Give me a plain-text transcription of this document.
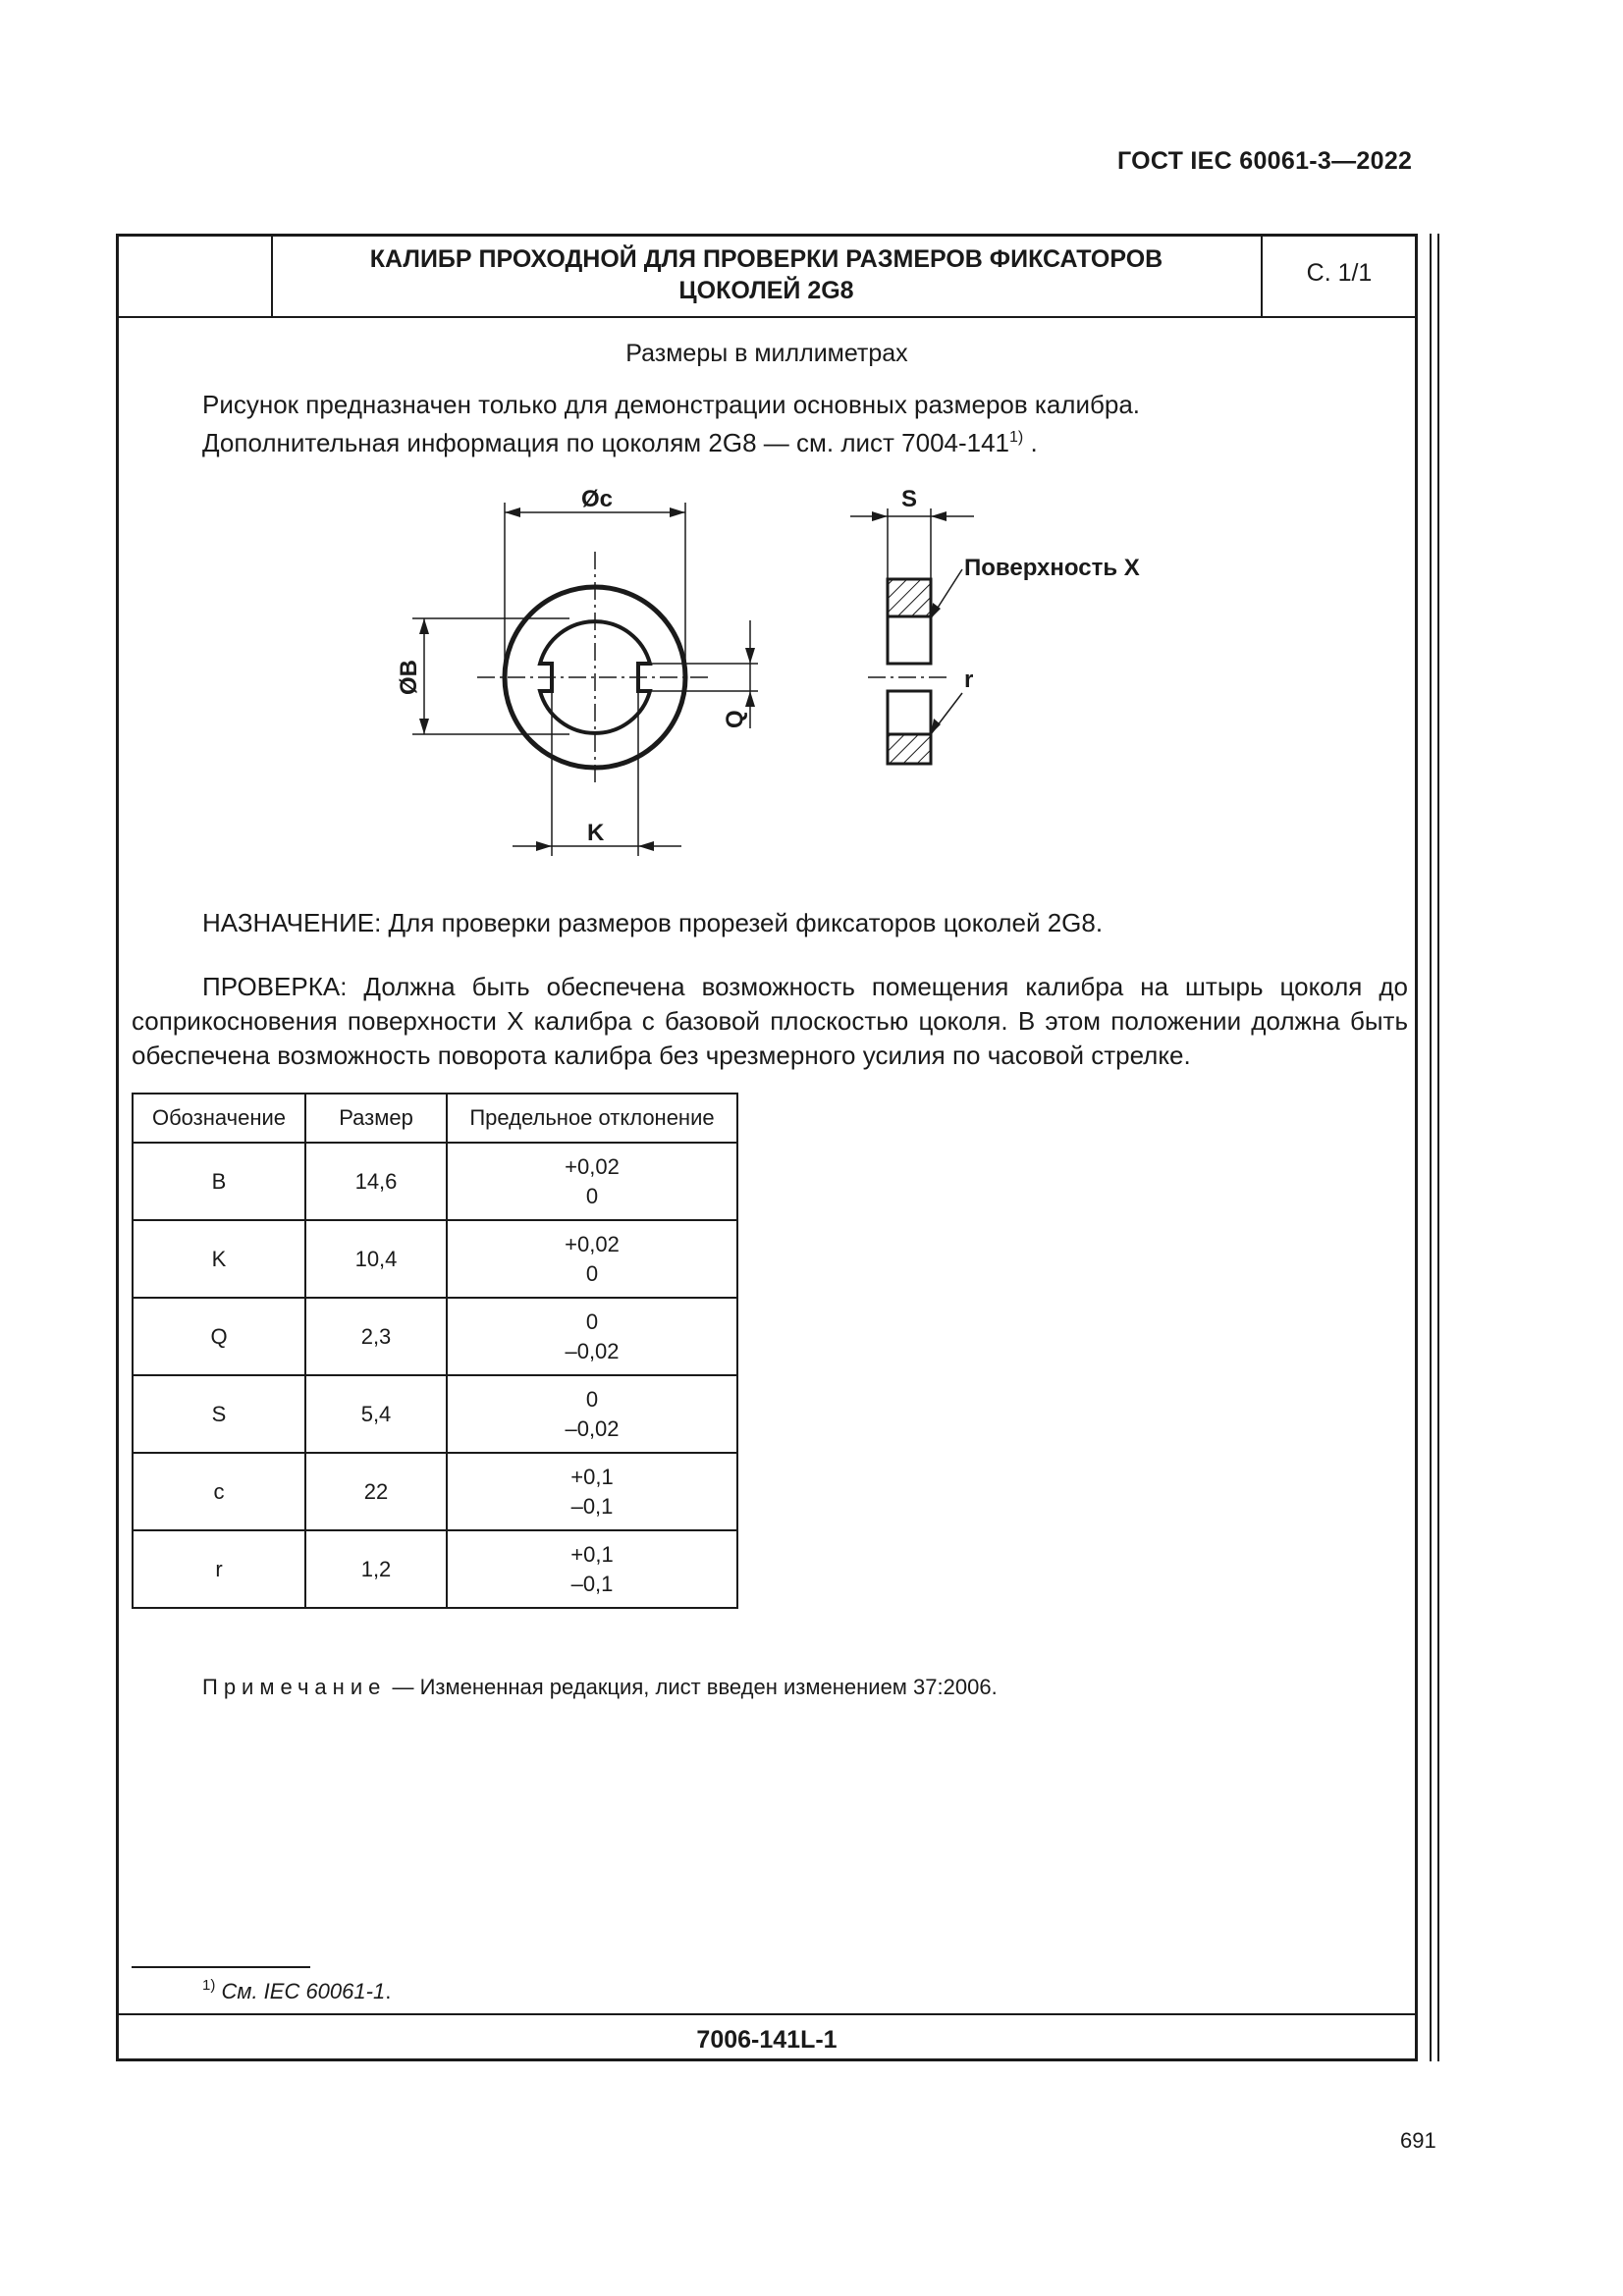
ГОСТ IEC 60061-3—2022
КАЛИБР ПРОХОДНОЙ ДЛЯ ПРОВЕРКИ РАЗМЕРОВ ФИКСАТОРОВ
ЦОКОЛЕЙ 2G8
С. 1/1
Размеры в миллиметрах
Рисунок предназначен только для демонстрации основных размеров калибра.
Дополнительная информация по цоколям 2G8 — см. лист 7004-141$^{1)}$ .
Øc
ØB
Q
K
S
Поверхность X
r
НАЗНАЧЕНИЕ: Для проверки размеров прорезей фиксаторов цоколей 2G8.
ПРОВЕРКА: Должна быть обеспечена возможность помещения калибра на штырь цоколя до соприкосновения поверхности X калибра с базовой плоскостью цоколя. В этом положении должна быть обеспечена возможность поворота калибра без чрезмерного усилия по часовой стрелке.
Обозначение	Размер	Предельное отклонение
B	14,6	+0,02
0

K	10,4	+0,02
0

Q	2,3	0
–0,02

S	5,4	0
–0,02

c	22	+0,1
–0,1

r	1,2	+0,1
–0,1
Примечание — Измененная редакция, лист введен изменением 37:2006.
$^{1)}$ См. IEC 60061-1.
7006-141L-1
691
